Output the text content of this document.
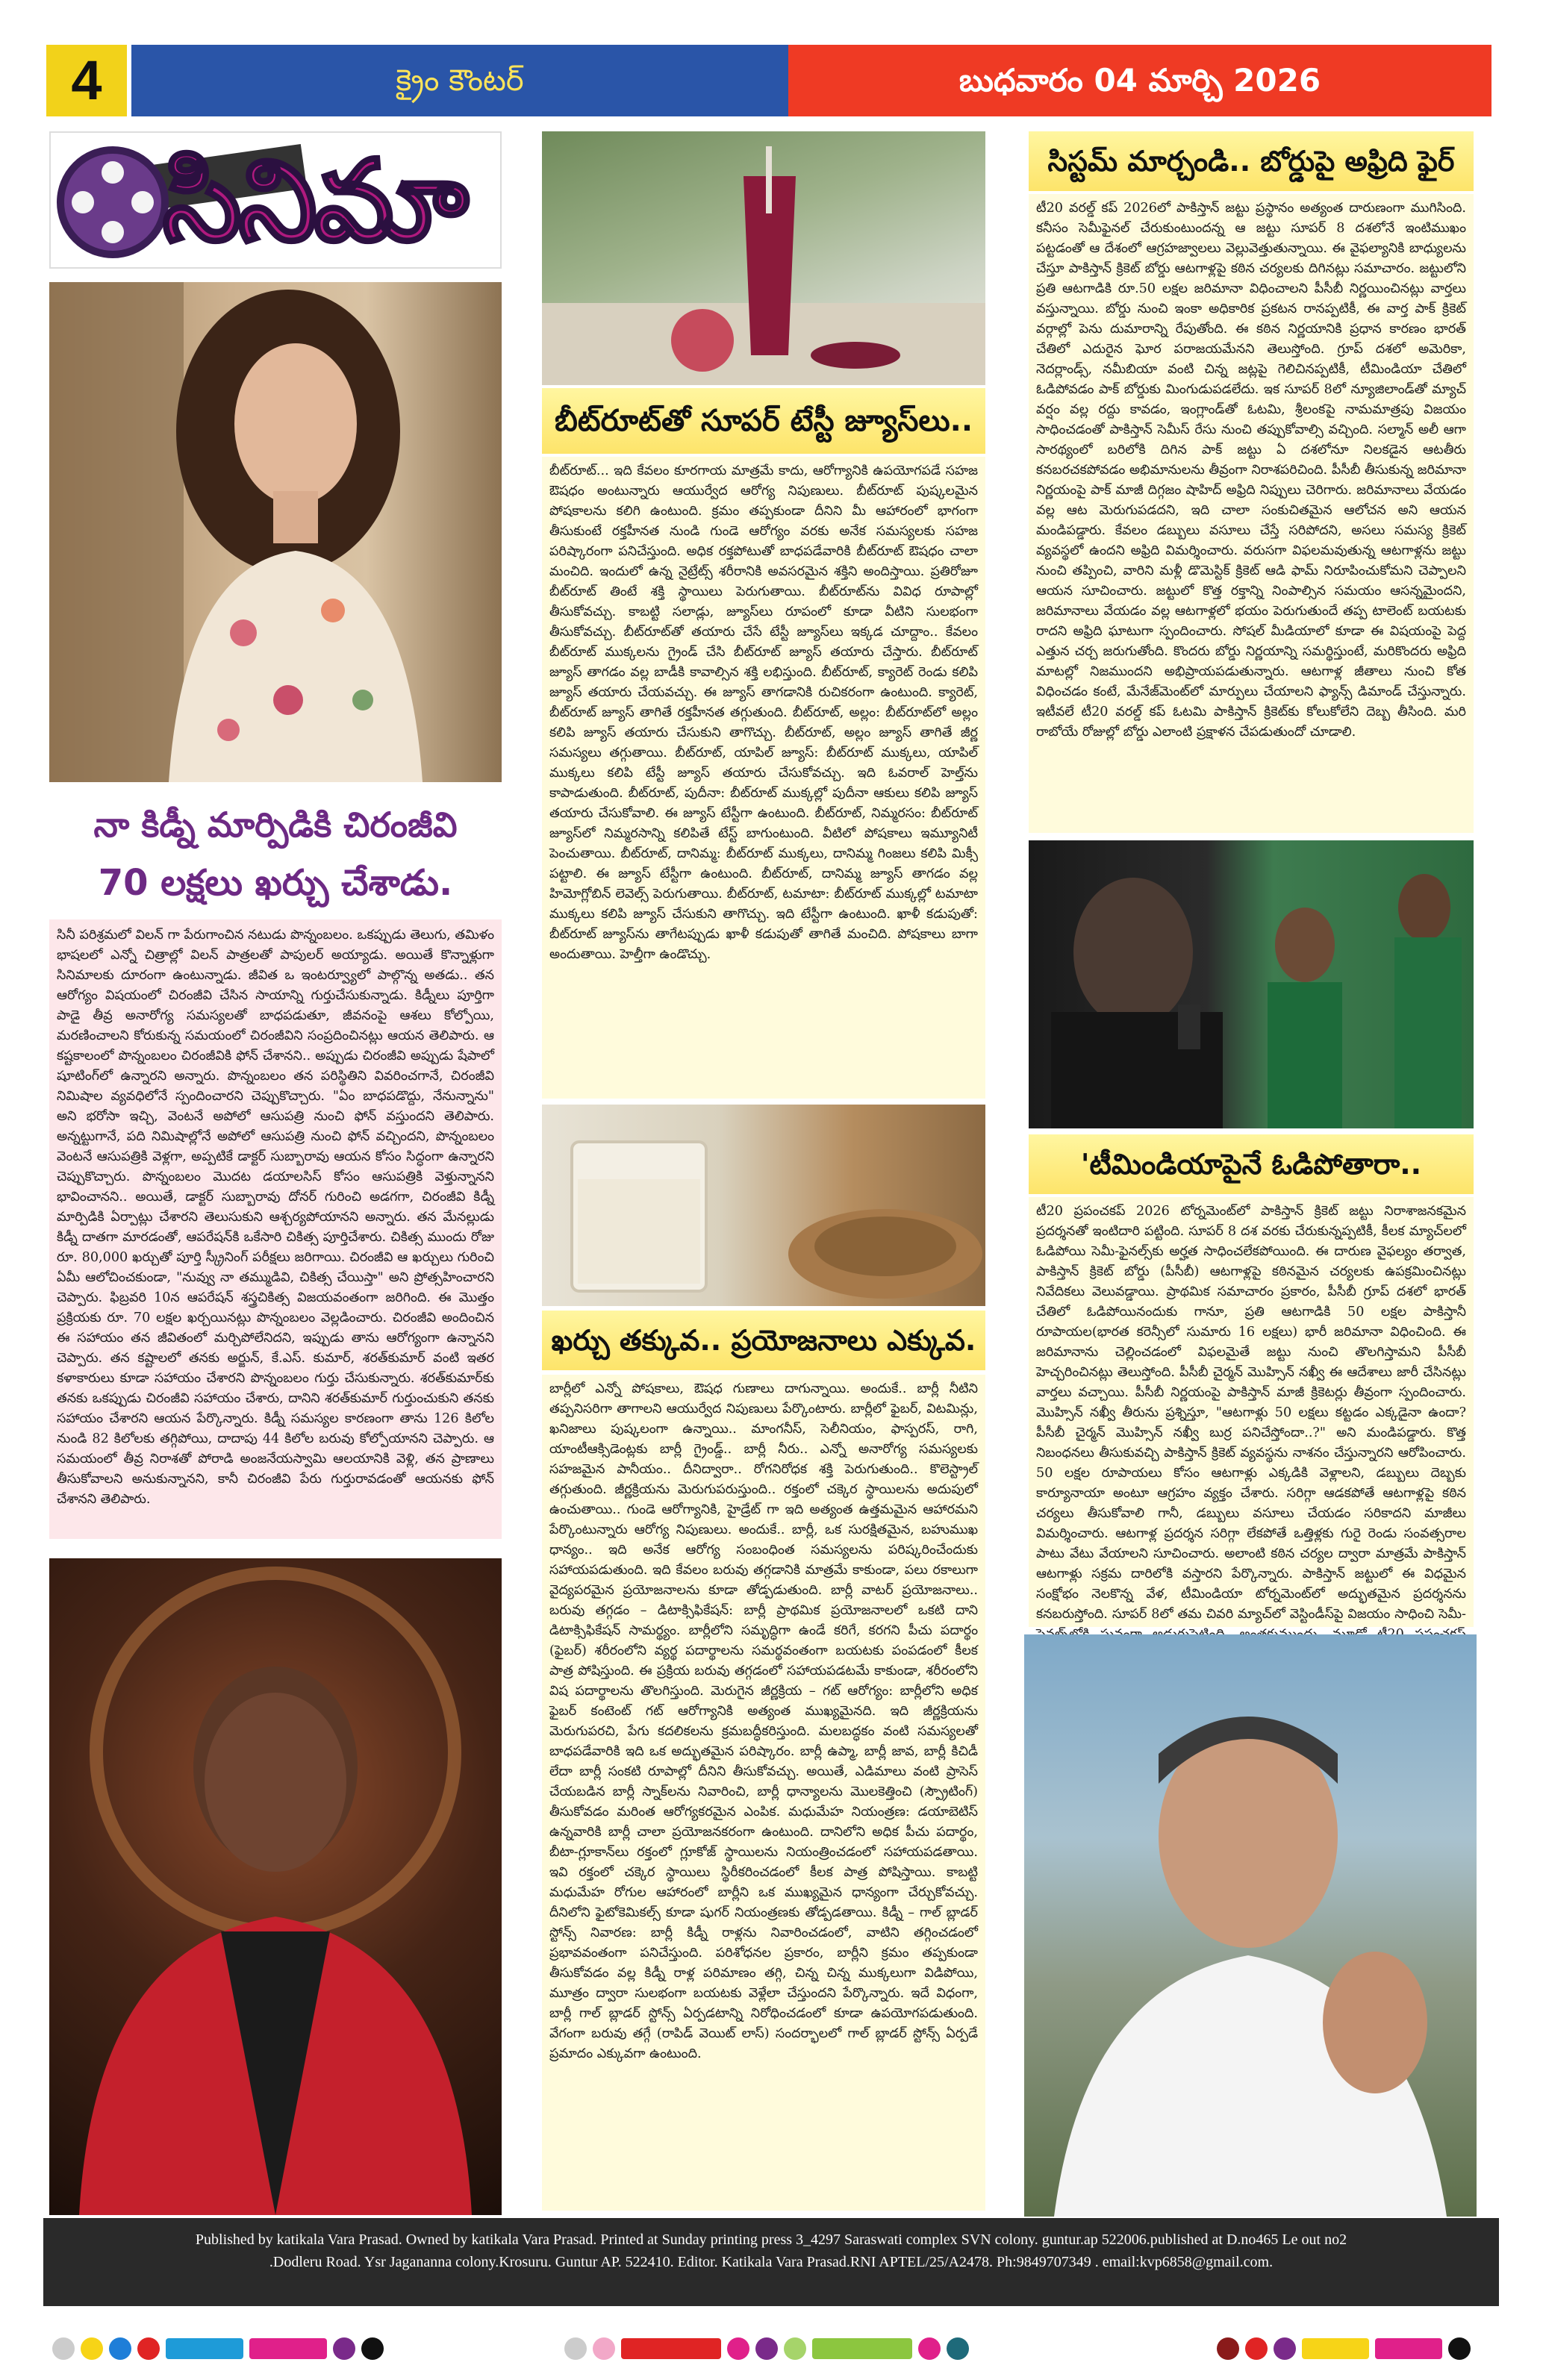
4	క్రైం కౌంటర్	బుధవారం 04 మార్చి 2026
సినిమా
నా కిడ్నీ మార్పిడికి చిరంజీవి
70 లక్షలు ఖర్చు చేశాడు.
సినీ పరిశ్రమలో విలన్ గా పేరుగాంచిన నటుడు పొన్నంబలం. ఒకప్పుడు తెలుగు, తమిళం భాషలలో ఎన్నో చిత్రాల్లో విలన్ పాత్రలతో పాపులర్ అయ్యాడు. అయితే కొన్నాళ్లుగా సినిమాలకు దూరంగా ఉంటున్నాడు. జీవిత ఒ ఇంటర్వ్యూలో పాల్గొన్న అతడు.. తన ఆరోగ్యం విషయంలో చిరంజీవి చేసిన సాయాన్ని గుర్తుచేసుకున్నాడు. కిడ్నీలు పూర్తిగా పాడై తీవ్ర అనారోగ్య సమస్యలతో బాధపడుతూ, జీవనంపై ఆశలు కోల్పోయి, మరణించాలని కోరుకున్న సమయంలో చిరంజీవిని సంప్రదించినట్లు ఆయన తెలిపారు. ఆ కష్టకాలంలో పొన్నంబలం చిరంజీవికి ఫోన్ చేశానని.. అప్పుడు చిరంజీవి అప్పుడు షేపాలో షూటింగ్‌లో ఉన్నారని అన్నారు. పొన్నంబలం తన పరిస్థితిని వివరించగానే, చిరంజీవి నిమిషాల వ్యవధిలోనే స్పందించారని చెప్పుకొచ్చారు. "ఏం బాధపడొద్దు, నేనున్నాను" అని భరోసా ఇచ్చి, వెంటనే అపోలో ఆసుపత్రి నుంచి ఫోన్ వస్తుందని తెలిపారు. అన్నట్టుగానే, పది నిమిషాల్లోనే అపోలో ఆసుపత్రి నుంచి ఫోన్ వచ్చిందని, పొన్నంబలం వెంటనే ఆసుపత్రికి వెళ్లగా, అప్పటికే డాక్టర్ సుబ్బారావు ఆయన కోసం సిద్ధంగా ఉన్నారని చెప్పుకొచ్చారు. పొన్నంబలం మొదట డయాలసిస్ కోసం ఆసుపత్రికి వెళ్తున్నానని భావించానని.. అయితే, డాక్టర్ సుబ్బారావు దోనర్ గురించి అడగగా, చిరంజీవి కిడ్నీ మార్పిడికి ఏర్పాట్లు చేశారని తెలుసుకుని ఆశ్చర్యపోయానని అన్నారు. తన మేనల్లుడు కిడ్నీ దాతగా మారడంతో, ఆపరేషన్‌కి ఒకేసారి చికిత్స పూర్తిచేశారు. చికిత్స ముందు రోజు రూ. 80,000 ఖర్చుతో పూర్తి స్క్రీనింగ్ పరీక్షలు జరిగాయి. చిరంజీవి ఆ ఖర్చులు గురించి ఏమీ ఆలోచించకుండా, "నువ్వు నా తమ్ముడివి, చికిత్స చేయిస్తా" అని ప్రోత్సహించారని చెప్పారు. ఫిబ్రవరి 10న ఆపరేషన్ శస్త్రచికిత్స విజయవంతంగా జరిగింది. ఈ మొత్తం ప్రక్రియకు రూ. 70 లక్షల ఖర్చయినట్లు పొన్నంబలం వెల్లడించారు. చిరంజీవి అందించిన ఈ సహాయం తన జీవితంలో మర్చిపోలేనిదని, ఇప్పుడు తాను ఆరోగ్యంగా ఉన్నానని చెప్పారు. తన కష్టాలలో తనకు అర్జున్, కే.ఎస్. కుమార్, శరత్‌కుమార్ వంటి ఇతర కళాకారులు కూడా సహాయం చేశారని పొన్నంబలం గుర్తు చేసుకున్నారు. శరత్‌కుమార్‌కు తనకు ఒకప్పుడు చిరంజీవి సహాయం చేశారు, దానిని శరత్‌కుమార్ గుర్తుంచుకుని తనకు సహాయం చేశారని ఆయన పేర్కొన్నారు. కిడ్నీ సమస్యల కారణంగా తాను 126 కిలోల నుండి 82 కిలోలకు తగ్గిపోయి, దాదాపు 44 కిలోల బరువు కోల్పోయానని చెప్పారు. ఆ సమయంలో తీవ్ర నిరాశతో పోరాడి అంజనేయస్వామి ఆలయానికి వెళ్లి, తన ప్రాణాలు తీసుకోవాలని అనుకున్నానని, కానీ చిరంజీవి పేరు గుర్తురావడంతో ఆయనకు ఫోన్ చేశానని తెలిపారు.
బీట్‌రూట్‌తో సూపర్ టేస్టీ జ్యూస్‌లు..
బీట్‌రూట్... ఇది కేవలం కూరగాయ మాత్రమే కాదు, ఆరోగ్యానికి ఉపయోగపడే సహజ ఔషధం అంటున్నారు ఆయుర్వేద ఆరోగ్య నిపుణులు. బీట్‌రూట్ పుష్కలమైన పోషకాలను కలిగి ఉంటుంది. క్రమం తప్పకుండా దీనిని మీ ఆహారంలో భాగంగా తీసుకుంటే రక్తహీనత నుండి గుండె ఆరోగ్యం వరకు అనేక సమస్యలకు సహజ పరిష్కారంగా పనిచేస్తుంది. అధిక రక్తపోటుతో బాధపడేవారికి బీట్‌రూట్ ఔషధం చాలా మంచిది. ఇందులో ఉన్న నైట్రేట్స్ శరీరానికి అవసరమైన శక్తిని అందిస్తాయి. ప్రతిరోజూ బీట్‌రూట్ తింటే శక్తి స్థాయిలు పెరుగుతాయి. బీట్‌రూట్‌ను వివిధ రూపాల్లో తీసుకోవచ్చు. కాబట్టి సలాడ్లు, జ్యూస్‌లు రూపంలో కూడా వీటిని సులభంగా తీసుకోవచ్చు. బీట్‌రూట్‌తో తయారు చేసే టేస్టీ జ్యూస్‌లు ఇక్కడ చూద్దాం.. కేవలం బీట్‌రూట్ ముక్కలను గ్రైండ్ చేసి బీట్‌రూట్ జ్యూస్ తయారు చేస్తారు. బీట్‌రూట్ జ్యూస్ తాగడం వల్ల బాడీకి కావాల్సిన శక్తి లభిస్తుంది. బీట్‌రూట్, క్యారెట్ రెండు కలిపి జ్యూస్ తయారు చేయవచ్చు. ఈ జ్యూస్ తాగడానికి రుచికరంగా ఉంటుంది. క్యారెట్, బీట్‌రూట్ జ్యూస్ తాగితే రక్తహీనత తగ్గుతుంది. బీట్‌రూట్, అల్లం: బీట్‌రూట్‌లో అల్లం కలిపి జ్యూస్ తయారు చేసుకుని తాగొచ్చు. బీట్‌రూట్, అల్లం జ్యూస్ తాగితే జీర్ణ సమస్యలు తగ్గుతాయి. బీట్‌రూట్, యాపిల్ జ్యూస్: బీట్‌రూట్ ముక్కలు, యాపిల్ ముక్కలు కలిపి టేస్టీ జ్యూస్ తయారు చేసుకోవచ్చు. ఇది ఓవరాల్ హెల్త్‌ను కాపాడుతుంది. బీట్‌రూట్, పుదీనా: బీట్‌రూట్ ముక్కల్లో పుదీనా ఆకులు కలిపి జ్యూస్ తయారు చేసుకోవాలి. ఈ జ్యూస్ టేస్టీగా ఉంటుంది. బీట్‌రూట్, నిమ్మరసం: బీట్‌రూట్ జ్యూస్‌లో నిమ్మరసాన్ని కలిపితే టేస్ట్ బాగుంటుంది. వీటిలో పోషకాలు ఇమ్యూనిటీ పెంచుతాయి. బీట్‌రూట్, దానిమ్మ: బీట్‌రూట్ ముక్కలు, దానిమ్మ గింజలు కలిపి మిక్సీ పట్టాలి. ఈ జ్యూస్ టేస్టీగా ఉంటుంది. బీట్‌రూట్, దానిమ్మ జ్యూస్ తాగడం వల్ల హిమోగ్లోబిన్ లెవెల్స్ పెరుగుతాయి. బీట్‌రూట్, టమాటా: బీట్‌రూట్ ముక్కల్లో టమాటా ముక్కలు కలిపి జ్యూస్ చేసుకుని తాగొచ్చు. ఇది టేస్టీగా ఉంటుంది. ఖాళీ కడుపుతో: బీట్‌రూట్ జ్యూస్‌ను తాగేటప్పుడు ఖాళీ కడుపుతో తాగితే మంచిది. పోషకాలు బాగా అందుతాయి. హెల్తీగా ఉండొచ్చు.
ఖర్చు తక్కువ.. ప్రయోజనాలు ఎక్కువ.
బార్లీలో ఎన్నో పోషకాలు, ఔషధ గుణాలు దాగున్నాయి. అందుకే.. బార్లీ నీటిని తప్పనిసరిగా తాగాలని ఆయుర్వేద నిపుణులు పేర్కొంటారు. బార్లీలో ఫైబర్, విటమిన్లు, ఖనిజాలు పుష్కలంగా ఉన్నాయి.. మాంగనీస్, సెలీనియం, ఫాస్పరస్, రాగి, యాంటీఆక్సిడెంట్లకు బార్లీ గ్రైండ్డ్.. బార్లీ నీరు.. ఎన్నో అనారోగ్య సమస్యలకు సహజమైన పానీయం.. దీనిద్వారా.. రోగనిరోధక శక్తి పెరుగుతుంది.. కొలెస్ట్రాల్ తగ్గుతుంది. జీర్ణక్రియను మెరుగుపరుస్తుంది.. రక్తంలో చక్కెర స్థాయిలను అదుపులో ఉంచుతాయి.. గుండె ఆరోగ్యానికి, హైడ్రేట్ గా ఇది అత్యంత ఉత్తమమైన ఆహారమని పేర్కొంటున్నారు ఆరోగ్య నిపుణులు. అందుకే.. బార్లీ, ఒక సురక్షితమైన, బహుముఖ ధాన్యం.. ఇది అనేక ఆరోగ్య సంబంధింత సమస్యలను పరిష్కరించేందుకు సహాయపడుతుంది. ఇది కేవలం బరువు తగ్గడానికి మాత్రమే కాకుండా, పలు రకాలుగా వైద్యపరమైన ప్రయోజనాలను కూడా తోడ్పడుతుంది. బార్లీ వాటర్ ప్రయోజనాలు.. బరువు తగ్గడం – డిటాక్సిఫికేషన్: బార్లీ ప్రాథమిక ప్రయోజనాలలో ఒకటి దాని డిటాక్సిఫికేషన్ సామర్థ్యం. బార్లీలోని సమృద్ధిగా ఉండే కరిగే, కరగని పీచు పదార్థం (ఫైబర్) శరీరంలోని వ్యర్థ పదార్థాలను సమర్థవంతంగా బయటకు పంపడంలో కీలక పాత్ర పోషిస్తుంది. ఈ ప్రక్రియ బరువు తగ్గడంలో సహాయపడటమే కాకుండా, శరీరంలోని విష పదార్థాలను తొలగిస్తుంది. మెరుగైన జీర్ణక్రియ – గట్ ఆరోగ్యం: బార్లీలోని అధిక ఫైబర్ కంటెంట్ గట్ ఆరోగ్యానికి అత్యంత ముఖ్యమైనది. ఇది జీర్ణక్రియను మెరుగుపరచి, పేగు కదలికలను క్రమబద్ధీకరిస్తుంది. మలబద్ధకం వంటి సమస్యలతో బాధపడేవారికి ఇది ఒక అద్భుతమైన పరిష్కారం. బార్లీ ఉప్మా, బార్లీ జావ, బార్లీ కిచిడీ లేదా బార్లీ సంకటి రూపాల్లో దీనిని తీసుకోవచ్చు. అయితే, ఎడిమాలు వంటి ప్రాసెస్ చేయబడిన బార్లీ స్నాక్‌లను నివారించి, బార్లీ ధాన్యాలను మొలకెత్తించి (స్ప్రౌటింగ్) తీసుకోవడం మరింత ఆరోగ్యకరమైన ఎంపిక. మధుమేహ నియంత్రణ: డయాబెటిస్ ఉన్నవారికి బార్లీ చాలా ప్రయోజనకరంగా ఉంటుంది. దానిలోని అధిక పీచు పదార్థం, బీటా-గ్లూకాన్‌లు రక్తంలో గ్లూకోజ్ స్థాయిలను నియంత్రించడంలో సహాయపడతాయి. ఇవి రక్తంలో చక్కెర స్థాయిలు స్థిరీకరించడంలో కీలక పాత్ర పోషిస్తాయి. కాబట్టి మధుమేహ రోగుల ఆహారంలో బార్లీని ఒక ముఖ్యమైన ధాన్యంగా చేర్చుకోవచ్చు. దీనిలోని ఫైటోకెమికల్స్ కూడా షుగర్ నియంత్రణకు తోడ్పడతాయి. కిడ్నీ – గాల్ బ్లాడర్ స్టోన్స్ నివారణ: బార్లీ కిడ్నీ రాళ్లను నివారించడంలో, వాటిని తగ్గించడంలో ప్రభావవంతంగా పనిచేస్తుంది. పరిశోధనల ప్రకారం, బార్లీని క్రమం తప్పకుండా తీసుకోవడం వల్ల కిడ్నీ రాళ్ల పరిమాణం తగ్గి, చిన్న చిన్న ముక్కలుగా విడిపోయి, మూత్రం ద్వారా సులభంగా బయటకు వెళ్లేలా చేస్తుందని పేర్కొన్నారు. ఇదే విధంగా, బార్లీ గాల్ బ్లాడర్ స్టోన్స్ ఏర్పడటాన్ని నిరోధించడంలో కూడా ఉపయోగపడుతుంది. వేగంగా బరువు తగ్గే (రాపిడ్ వెయిట్ లాస్) సందర్భాలలో గాల్ బ్లాడర్ స్టోన్స్ ఏర్పడే ప్రమాదం ఎక్కువగా ఉంటుంది.
సిస్టమ్ మార్చండి.. బోర్డుపై అఫ్రిది ఫైర్
టీ20 వరల్డ్ కప్ 2026లో పాకిస్తాన్ జట్టు ప్రస్థానం అత్యంత దారుణంగా ముగిసింది. కనీసం సెమీఫైనల్ చేరుకుంటుందన్న ఆ జట్టు సూపర్ 8 దశలోనే ఇంటిముఖం పట్టడంతో ఆ దేశంలో ఆగ్రహజ్వాలలు వెల్లువెత్తుతున్నాయి. ఈ వైఫల్యానికి బాధ్యులను చేస్తూ పాకిస్తాన్ క్రికెట్ బోర్డు ఆటగాళ్లపై కఠిన చర్యలకు దిగినట్లు సమాచారం. జట్టులోని ప్రతి ఆటగాడికి రూ.50 లక్షల జరిమానా విధించాలని పీసీబీ నిర్ణయించినట్లు వార్తలు వస్తున్నాయి. బోర్డు నుంచి ఇంకా అధికారిక ప్రకటన రానప్పటికీ, ఈ వార్త పాక్ క్రికెట్ వర్గాల్లో పెను దుమారాన్ని రేపుతోంది. ఈ కఠిన నిర్ణయానికి ప్రధాన కారణం భారత్ చేతిలో ఎదురైన ఘోర పరాజయమేనని తెలుస్తోంది. గ్రూప్ దశలో అమెరికా, నెదర్లాండ్స్, నమీబియా వంటి చిన్న జట్లపై గెలిచినప్పటికీ, టీమిండియా చేతిలో ఓడిపోవడం పాక్ బోర్డుకు మింగుడుపడలేదు. ఇక సూపర్ 8లో న్యూజిలాండ్‌తో మ్యాచ్ వర్షం వల్ల రద్దు కావడం, ఇంగ్లాండ్‌తో ఓటమి, శ్రీలంకపై నామమాత్రపు విజయం సాధించడంతో పాకిస్తాన్ సెమీస్ రేసు నుంచి తప్పుకోవాల్సి వచ్చింది. సల్మాన్ అలీ ఆగా సారథ్యంలో బరిలోకి దిగిన పాక్ జట్టు ఏ దశలోనూ నిలకడైన ఆటతీరు కనబరచకపోవడం అభిమానులను తీవ్రంగా నిరాశపరిచింది. పీసీబీ తీసుకున్న జరిమానా నిర్ణయంపై పాక్ మాజీ దిగ్గజం షాహిద్ అఫ్రిది నిప్పులు చెరిగారు. జరిమానాలు వేయడం వల్ల ఆట మెరుగుపడదని, ఇది చాలా సంకుచితమైన ఆలోచన అని ఆయన మండిపడ్డారు. కేవలం డబ్బులు వసూలు చేస్తే సరిపోదని, అసలు సమస్య క్రికెట్ వ్యవస్థలో ఉందని అఫ్రిది విమర్శించారు. వరుసగా విఫలమవుతున్న ఆటగాళ్లను జట్టు నుంచి తప్పించి, వారిని మళ్లీ డొమెస్టిక్ క్రికెట్ ఆడి ఫామ్ నిరూపించుకోమని చెప్పాలని ఆయన సూచించారు. జట్టులో కొత్త రక్తాన్ని నింపాల్సిన సమయం ఆసన్నమైందని, జరిమానాలు వేయడం వల్ల ఆటగాళ్లలో భయం పెరుగుతుందే తప్ప టాలెంట్ బయటకు రాదని అఫ్రిది ఘాటుగా స్పందించారు. సోషల్ మీడియాలో కూడా ఈ విషయంపై పెద్ద ఎత్తున చర్చ జరుగుతోంది. కొందరు బోర్డు నిర్ణయాన్ని సమర్థిస్తుంటే, మరికొందరు అఫ్రిది మాటల్లో నిజముందని అభిప్రాయపడుతున్నారు. ఆటగాళ్ల జీతాలు నుంచి కోత విధించడం కంటే, మేనేజ్‌మెంట్‌లో మార్పులు చేయాలని ఫ్యాన్స్ డిమాండ్ చేస్తున్నారు. ఇటీవలే టీ20 వరల్డ్ కప్ ఓటమి పాకిస్తాన్ క్రికెట్‌కు కోలుకోలేని దెబ్బ తీసింది. మరి రాబోయే రోజుల్లో బోర్డు ఎలాంటి ప్రక్షాళన చేపడుతుందో చూడాలి.
'టీమిండియాపైనే ఓడిపోతారా..
టీ20 ప్రపంచకప్ 2026 టోర్నమెంట్‌లో పాకిస్తాన్ క్రికెట్ జట్టు నిరాశాజనకమైన ప్రదర్శనతో ఇంటిదారి పట్టింది. సూపర్ 8 దశ వరకు చేరుకున్నప్పటికీ, కీలక మ్యాచ్‌లలో ఓడిపోయి సెమీ-ఫైనల్స్‌కు అర్హత సాధించలేకపోయింది. ఈ దారుణ వైఫల్యం తర్వాత, పాకిస్తాన్ క్రికెట్ బోర్డు (పీసీబీ) ఆటగాళ్లపై కఠినమైన చర్యలకు ఉపక్రమించినట్లు నివేదికలు వెలువడ్డాయి. ప్రాథమిక సమాచారం ప్రకారం, పీసీబీ గ్రూప్ దశలో భారత్ చేతిలో ఓడిపోయినందుకు గానూ, ప్రతి ఆటగాడికి 50 లక్షల పాకిస్తానీ రూపాయల(భారత కరెన్సీలో సుమారు 16 లక్షలు) భారీ జరిమానా విధించింది. ఈ జరిమానాను చెల్లించడంలో విఫలమైతే జట్టు నుంచి తొలగిస్తామని పీసీబీ హెచ్చరించినట్లు తెలుస్తోంది. పీసీబీ చైర్మన్ మొహ్సిన్ నఖ్వీ ఈ ఆదేశాలు జారీ చేసినట్లు వార్తలు వచ్చాయి. పీసీబీ నిర్ణయంపై పాకిస్తాన్ మాజీ క్రికెటర్లు తీవ్రంగా స్పందించారు. మొహ్సిన్ నఖ్వీ తీరును ప్రశ్నిస్తూ, "ఆటగాళ్లు 50 లక్షలు కట్టడం ఎక్కడైనా ఉందా? పీసీబీ చైర్మన్ మొహ్సిన్ నఖ్వీ బుర్ర పనిచేస్తోందా..?" అని మండిపడ్డారు. కొత్త నిబంధనలు తీసుకువచ్చి పాకిస్తాన్ క్రికెట్ వ్యవస్థను నాశనం చేస్తున్నారని ఆరోపించారు. 50 లక్షల రూపాయలు కోసం ఆటగాళ్లు ఎక్కడికి వెళ్లాలని, డబ్బులు దెబ్బకు కార్యూనాయా అంటూ ఆగ్రహం వ్యక్తం చేశారు. సరిగ్గా ఆడకపోతే ఆటగాళ్లపై కఠిన చర్యలు తీసుకోవాలి గానీ, డబ్బులు వసూలు చేయడం సరికాదని మాజీలు విమర్శించారు. ఆటగాళ్ల ప్రదర్శన సరిగ్గా లేకపోతే ఒత్తిళ్లకు గురై రెండు సంవత్సరాల పాటు వేటు వేయాలని సూచించారు. అలాంటి కఠిన చర్యల ద్వారా మాత్రమే పాకిస్తాన్ ఆటగాళ్లు సక్రమ దారిలోకి వస్తారని పేర్కొన్నారు. పాకిస్తాన్ జట్టులో ఈ విధమైన సంక్షోభం నెలకొన్న వేళ, టీమిండియా టోర్నమెంట్‌లో అద్భుతమైన ప్రదర్శనను కనబరుస్తోంది. సూపర్ 8లో తమ చివరి మ్యాచ్‌లో వెస్టిండీస్‌పై విజయం సాధించి సెమీ-
Published by katikala Vara Prasad. Owned by katikala Vara Prasad. Printed at Sunday printing press 3_4297 Saraswati complex SVN colony. guntur.ap 522006.published at D.no465 Le out no2
.Dodleru Road. Ysr Jagananna colony.Krosuru. Guntur AP. 522410. Editor. Katikala Vara Prasad.RNI APTEL/25/A2478. Ph:9849707349 . email:kvp6858@gmail.com.
